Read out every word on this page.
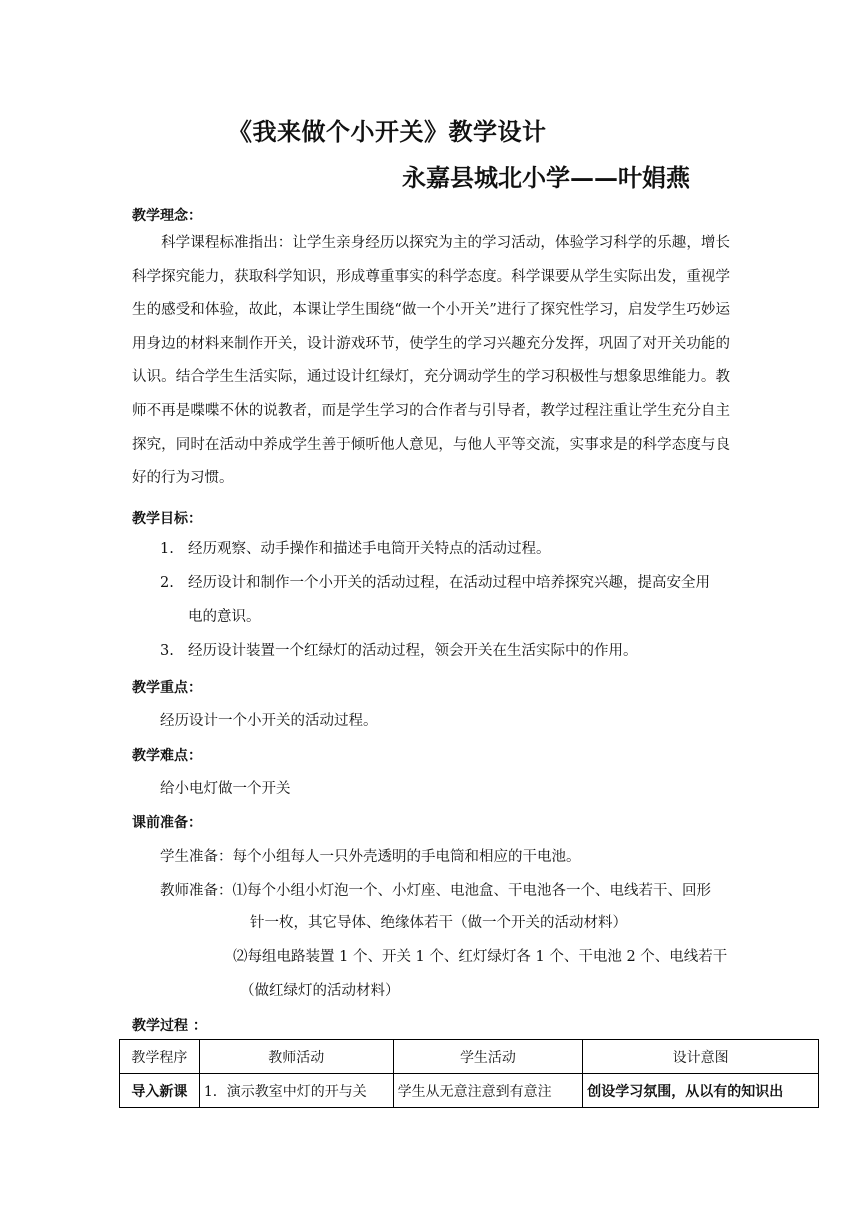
《我来做个小开关》教学设计
永嘉县城北小学——叶娟燕
教学理念：
科学课程标准指出：让学生亲身经历以探究为主的学习活动，体验学习科学的乐趣，增长科学探究能力，获取科学知识，形成尊重事实的科学态度。科学课要从学生实际出发，重视学生的感受和体验，故此，本课让学生围绕“做一个小开关”进行了探究性学习，启发学生巧妙运用身边的材料来制作开关，设计游戏环节，使学生的学习兴趣充分发挥，巩固了对开关功能的认识。结合学生生活实际，通过设计红绿灯，充分调动学生的学习积极性与想象思维能力。教师不再是喋喋不休的说教者，而是学生学习的合作者与引导者，教学过程注重让学生充分自主探究，同时在活动中养成学生善于倾听他人意见，与他人平等交流，实事求是的科学态度与良好的行为习惯。
教学目标：
1. 经历观察、动手操作和描述手电筒开关特点的活动过程。
2. 经历设计和制作一个小开关的活动过程，在活动过程中培养探究兴趣，提高安全用
电的意识。
3. 经历设计装置一个红绿灯的活动过程，领会开关在生活实际中的作用。
教学重点：
经历设计一个小开关的活动过程。
教学难点：
给小电灯做一个开关
课前准备：
学生准备：每个小组每人一只外壳透明的手电筒和相应的干电池。
教师准备：⑴每个小组小灯泡一个、小灯座、电池盒、干电池各一个、电线若干、回形
针一枚，其它导体、绝缘体若干（做一个开关的活动材料）
⑵每组电路装置 1 个、开关 1 个、红灯绿灯各 1 个、干电池 2 个、电线若干
（做红绿灯的活动材料）
教学过程 ：
教学程序	教师活动	学生活动	设计意图
导入新课	1．演示教室中灯的开与关	学生从无意注意到有意注	创设学习氛围，从以有的知识出
